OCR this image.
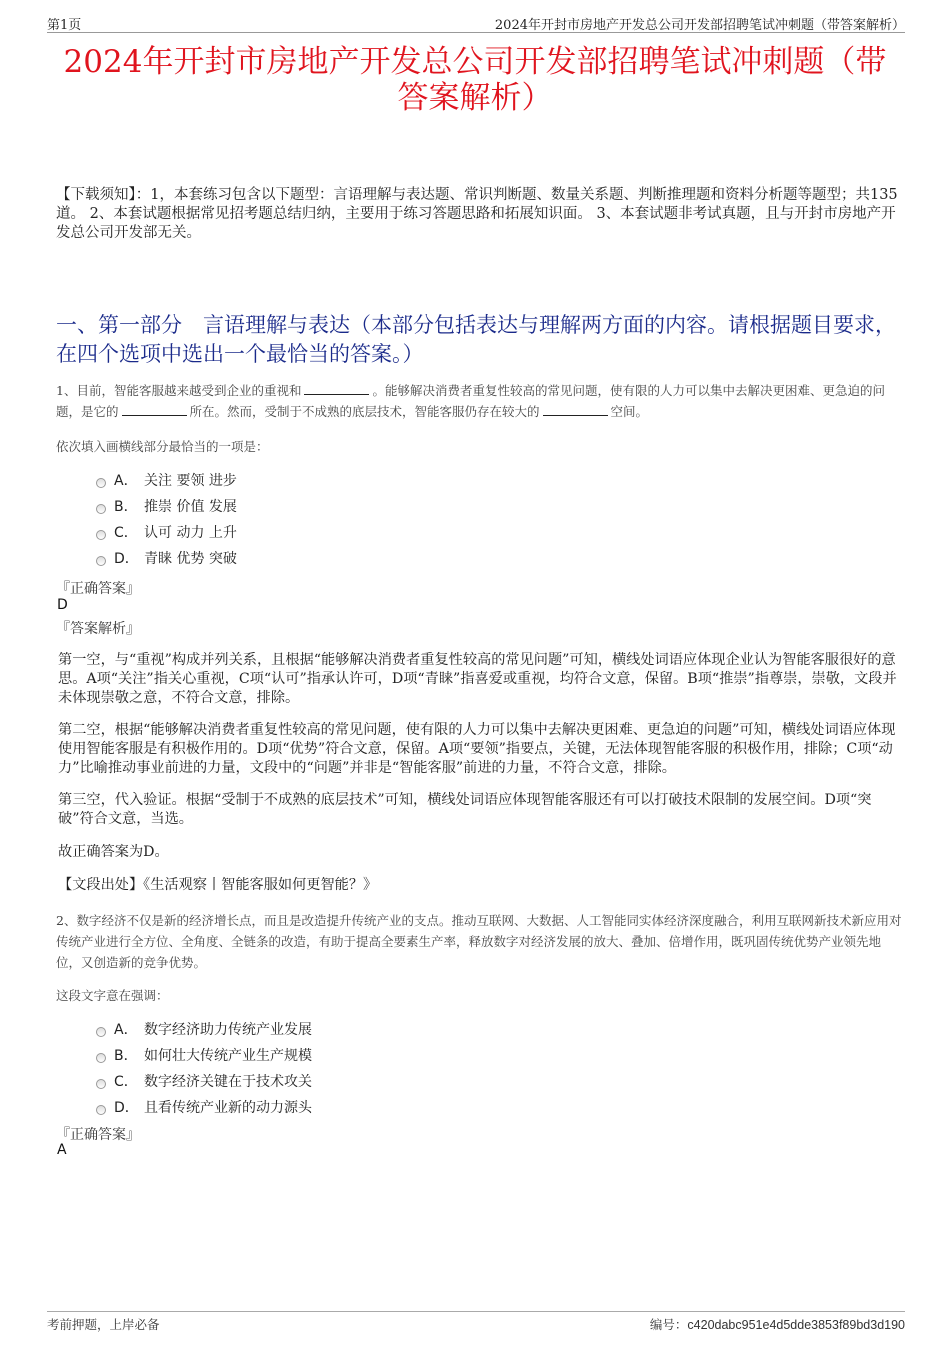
第1页	2024年开封市房地产开发总公司开发部招聘笔试冲刺题（带答案解析）
2024年开封市房地产开发总公司开发部招聘笔试冲刺题（带答案解析）
【下载须知】：1，本套练习包含以下题型：言语理解与表达题、常识判断题、数量关系题、判断推理题和资料分析题等题型；共135道。 2、本套试题根据常见招考题总结归纳，主要用于练习答题思路和拓展知识面。 3、本套试题非考试真题，且与开封市房地产开发总公司开发部无关。
一、第一部分　言语理解与表达（本部分包括表达与理解两方面的内容。请根据题目要求，在四个选项中选出一个最恰当的答案。）
1、目前，智能客服越来越受到企业的重视和	。能够解决消费者重复性较高的常见问题，使有限的人力可以集中去解决更困难、更急迫的问题，是它的	所在。然而，受制于不成熟的底层技术，智能客服仍存在较大的	空间。
依次填入画横线部分最恰当的一项是：
A． 关注 要领 进步
B． 推崇 价值 发展
C． 认可 动力 上升
D． 青睐 优势 突破
『正确答案』
D
『答案解析』
第一空，与“重视”构成并列关系，且根据“能够解决消费者重复性较高的常见问题”可知，横线处词语应体现企业认为智能客服很好的意思。A项“关注”指关心重视，C项“认可”指承认许可，D项“青睐”指喜爱或重视，均符合文意，保留。B项“推崇”指尊崇，崇敬，文段并未体现崇敬之意，不符合文意，排除。
第二空，根据“能够解决消费者重复性较高的常见问题，使有限的人力可以集中去解决更困难、更急迫的问题”可知，横线处词语应体现使用智能客服是有积极作用的。D项“优势”符合文意，保留。A项“要领”指要点，关键，无法体现智能客服的积极作用，排除；C项“动力”比喻推动事业前进的力量，文段中的“问题”并非是“智能客服”前进的力量，不符合文意，排除。
第三空，代入验证。根据“受制于不成熟的底层技术”可知，横线处词语应体现智能客服还有可以打破技术限制的发展空间。D项“突破”符合文意，当选。
故正确答案为D。
【文段出处】《生活观察丨智能客服如何更智能？》
2、数字经济不仅是新的经济增长点，而且是改造提升传统产业的支点。推动互联网、大数据、人工智能同实体经济深度融合，利用互联网新技术新应用对传统产业进行全方位、全角度、全链条的改造，有助于提高全要素生产率，释放数字对经济发展的放大、叠加、倍增作用，既巩固传统优势产业领先地位，又创造新的竞争优势。
这段文字意在强调：
A． 数字经济助力传统产业发展
B． 如何壮大传统产业生产规模
C． 数字经济关键在于技术攻关
D． 且看传统产业新的动力源头
『正确答案』
A
考前押题，上岸必备	编号：c420dabc951e4d5dde3853f89bd3d190
